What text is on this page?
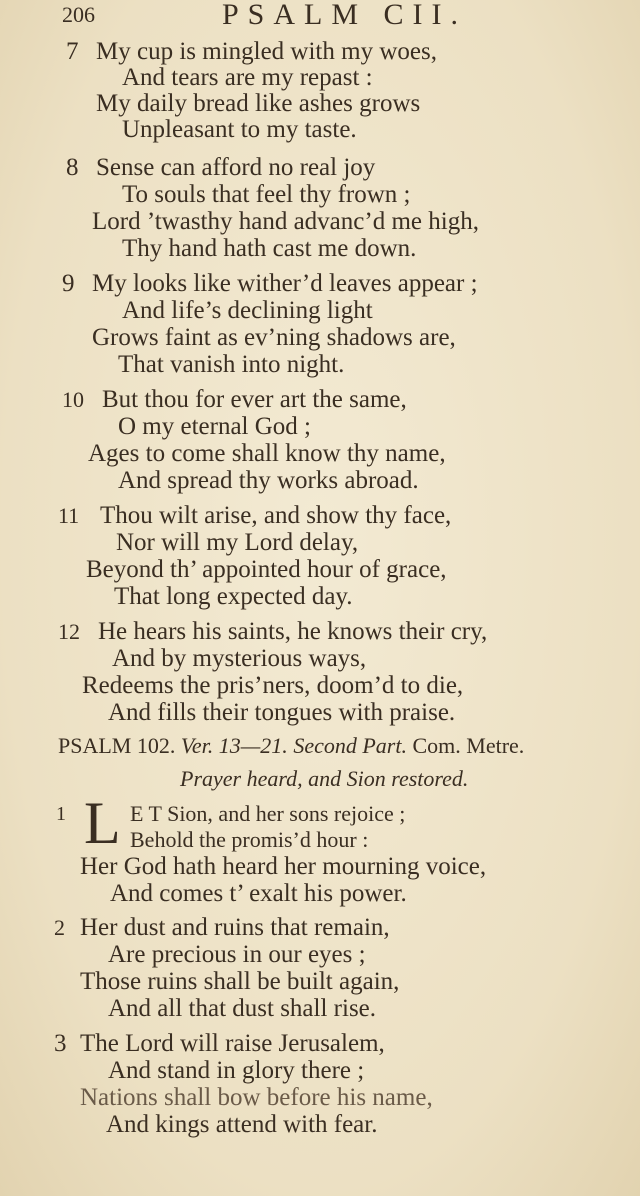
206	PSALM CII.
7 My cup is mingled with my woes,
And tears are my repast :
My daily bread like ashes grows
Unpleasant to my taste.
8 Sense can afford no real joy
To souls that feel thy frown ;
Lord ’twasthy hand advanc’d me high,
Thy hand hath cast me down.
9 My looks like wither’d leaves appear ;
And life’s declining light
Grows faint as ev’ning shadows are,
That vanish into night.
10 But thou for ever art the same,
O my eternal God ;
Ages to come shall know thy name,
And spread thy works abroad.
11 Thou wilt arise, and show thy face,
Nor will my Lord delay,
Beyond th’ appointed hour of grace,
That long expected day.
12 He hears his saints, he knows their cry,
And by mysterious ways,
Redeems the pris’ners, doom’d to die,
And fills their tongues with praise.
PSALM 102. Ver. 13—21. Second Part. Com. Metre.
Prayer heard, and Sion restored.
1 L E T Sion, and her sons rejoice ;
Behold the promis’d hour :
Her God hath heard her mourning voice,
And comes t’ exalt his power.
2 Her dust and ruins that remain,
Are precious in our eyes ;
Those ruins shall be built again,
And all that dust shall rise.
3 The Lord will raise Jerusalem,
And stand in glory there ;
Nations shall bow before his name,
And kings attend with fear.
